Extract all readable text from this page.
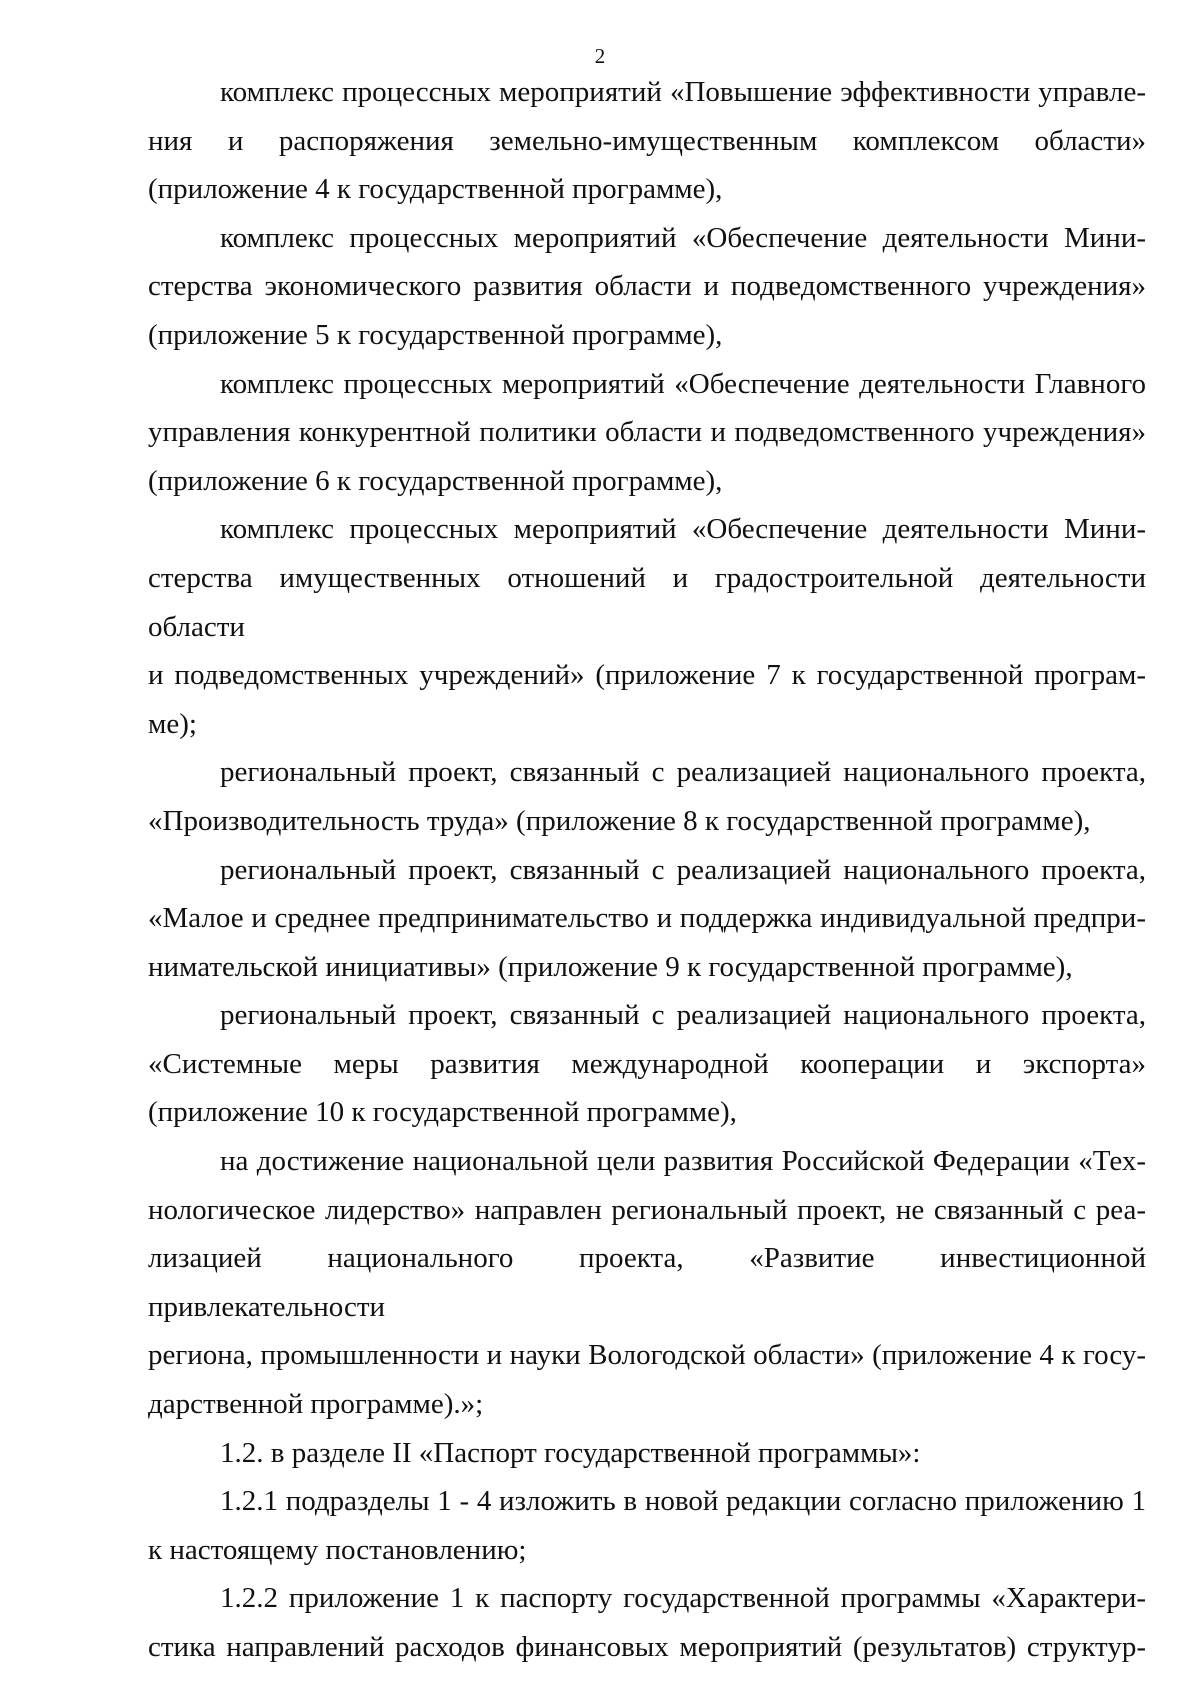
2
комплекс процессных мероприятий «Повышение эффективности управле-
ния и распоряжения земельно-имущественным комплексом области»
(приложение 4 к государственной программе),
комплекс процессных мероприятий «Обеспечение деятельности Мини-
стерства экономического развития области и подведомственного учреждения»
(приложение 5 к государственной программе),
комплекс процессных мероприятий «Обеспечение деятельности Главного
управления конкурентной политики области и подведомственного учреждения»
(приложение 6 к государственной программе),
комплекс процессных мероприятий «Обеспечение деятельности Мини-
стерства имущественных отношений и градостроительной деятельности области
и подведомственных учреждений» (приложение 7 к государственной програм-
ме);
региональный проект, связанный с реализацией национального проекта,
«Производительность труда» (приложение 8 к государственной программе),
региональный проект, связанный с реализацией национального проекта,
«Малое и среднее предпринимательство и поддержка индивидуальной предпри-
нимательской инициативы» (приложение 9 к государственной программе),
региональный проект, связанный с реализацией национального проекта,
«Системные меры развития международной кооперации и экспорта»
(приложение 10 к государственной программе),
на достижение национальной цели развития Российской Федерации «Тех-
нологическое лидерство» направлен региональный проект, не связанный с реа-
лизацией национального проекта, «Развитие инвестиционной привлекательности
региона, промышленности и науки Вологодской области» (приложение 4 к госу-
дарственной программе).»;
1.2. в разделе II «Паспорт государственной программы»:
1.2.1 подразделы 1 - 4 изложить в новой редакции согласно приложению 1
к настоящему постановлению;
1.2.2 приложение 1 к паспорту государственной программы «Характери-
стика направлений расходов финансовых мероприятий (результатов) структур-
